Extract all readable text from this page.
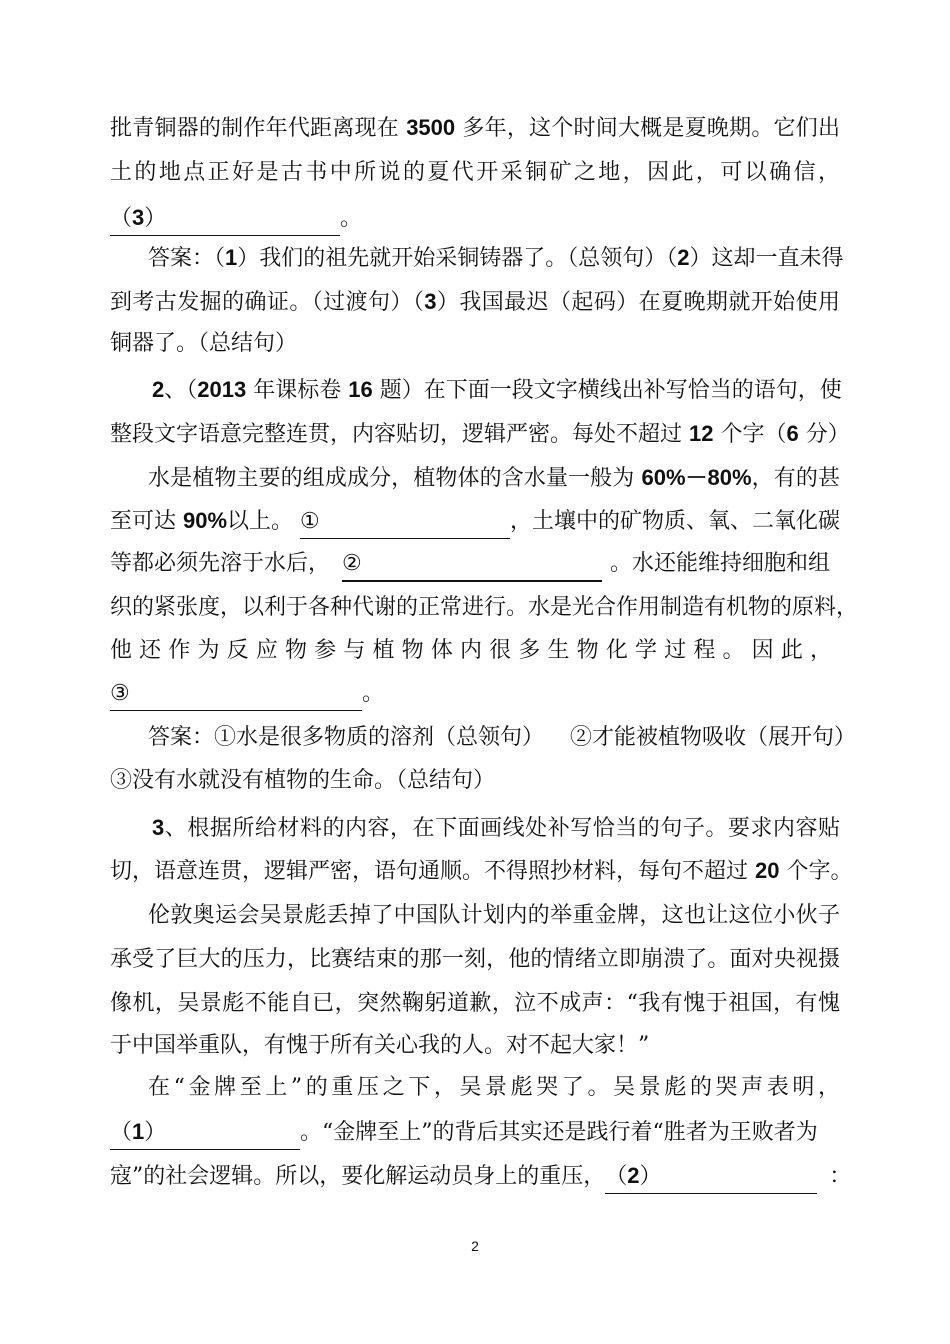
批青铜器的制作年代距离现在 3500 多年，这个时间大概是夏晚期。它们出
土的地点正好是古书中所说的夏代开采铜矿之地，因此，可以确信，
（3）	。
答案：（1）我们的祖先就开始采铜铸器了。（总领句）（2）这却一直未得
到考古发掘的确证。（过渡句）（3）我国最迟（起码）在夏晚期就开始使用
铜器了。（总结句）
2、（2013 年课标卷 16 题）在下面一段文字横线出补写恰当的语句，使
整段文字语意完整连贯，内容贴切，逻辑严密。每处不超过 12 个字（6 分）
水是植物主要的组成成分，植物体的含水量一般为 60%－80%，有的甚
至可达 90%以上。 ①	，土壤中的矿物质、氧、二氧化碳
等都必须先溶于水后， ②	。水还能维持细胞和组
织的紧张度，以利于各种代谢的正常进行。水是光合作用制造有机物的原料，
他还作为反应物参与植物体内很多生物化学过程。因此，
③	。
答案：①水是很多物质的溶剂（总领句） ②才能被植物吸收（展开句）
③没有水就没有植物的生命。（总结句）
3、根据所给材料的内容，在下面画线处补写恰当的句子。要求内容贴
切，语意连贯，逻辑严密，语句通顺。不得照抄材料，每句不超过 20 个字。
伦敦奥运会吴景彪丢掉了中国队计划内的举重金牌，这也让这位小伙子
承受了巨大的压力，比赛结束的那一刻，他的情绪立即崩溃了。面对央视摄
像机，吴景彪不能自已，突然鞠躬道歉，泣不成声：“我有愧于祖国，有愧
于中国举重队，有愧于所有关心我的人。对不起大家！”
在“金牌至上”的重压之下，吴景彪哭了。吴景彪的哭声表明，
（1）	。“金牌至上”的背后其实还是践行着“胜者为王败者为
寇”的社会逻辑。所以，要化解运动员身上的重压，（2）	：
2
